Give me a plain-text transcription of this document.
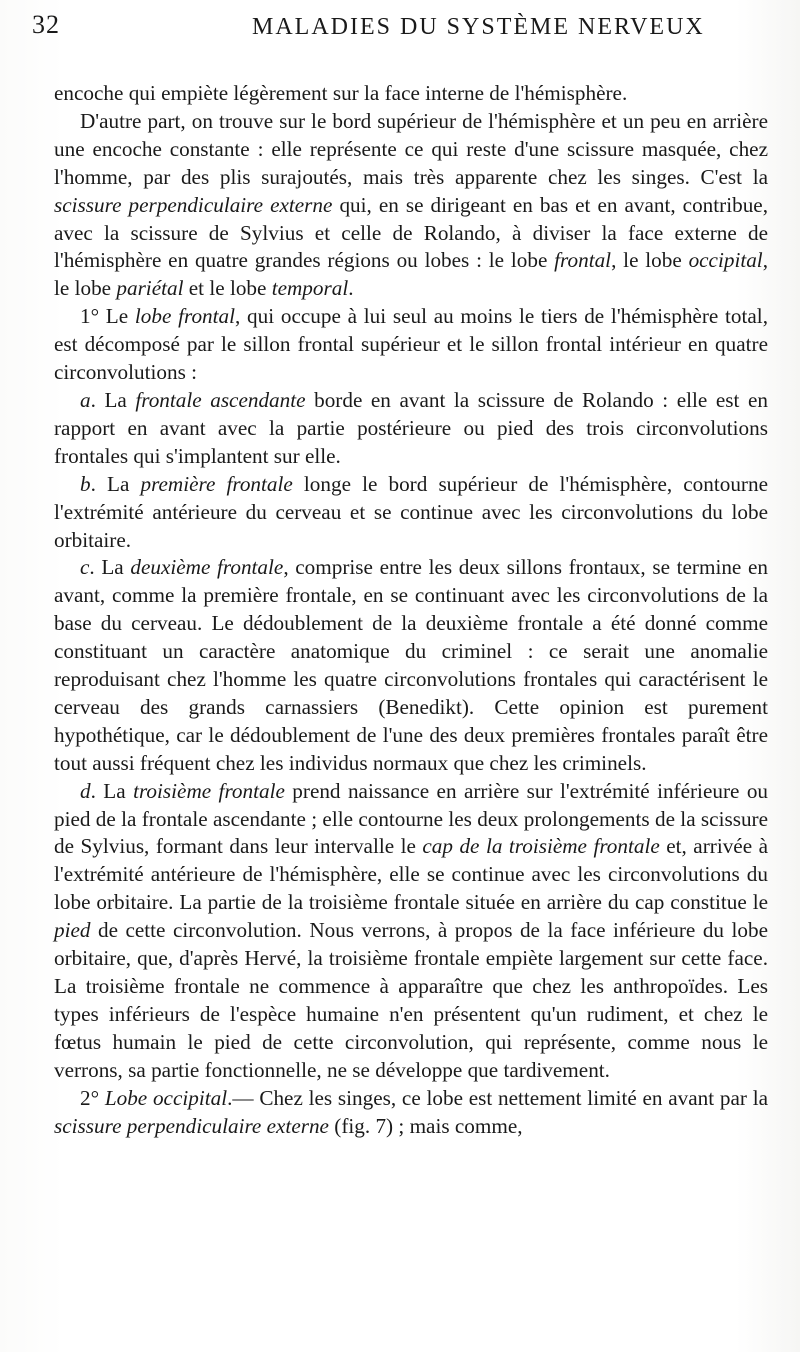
32	MALADIES DU SYSTÈME NERVEUX

encoche qui empiète légèrement sur la face interne de l'hémisphère.

D'autre part, on trouve sur le bord supérieur de l'hémisphère et un peu en arrière une encoche constante : elle représente ce qui reste d'une scissure masquée, chez l'homme, par des plis surajoutés, mais très apparente chez les singes. C'est la scissure perpendiculaire externe qui, en se dirigeant en bas et en avant, contribue, avec la scissure de Sylvius et celle de Rolando, à diviser la face externe de l'hémisphère en quatre grandes régions ou lobes : le lobe frontal, le lobe occipital, le lobe pariétal et le lobe temporal.

1° Le lobe frontal, qui occupe à lui seul au moins le tiers de l'hémisphère total, est décomposé par le sillon frontal supérieur et le sillon frontal intérieur en quatre circonvolutions :

a. La frontale ascendante borde en avant la scissure de Rolando : elle est en rapport en avant avec la partie postérieure ou pied des trois circonvolutions frontales qui s'implantent sur elle.

b. La première frontale longe le bord supérieur de l'hémisphère, contourne l'extrémité antérieure du cerveau et se continue avec les circonvolutions du lobe orbitaire.

c. La deuxième frontale, comprise entre les deux sillons frontaux, se termine en avant, comme la première frontale, en se continuant avec les circonvolutions de la base du cerveau. Le dédoublement de la deuxième frontale a été donné comme constituant un caractère anatomique du criminel : ce serait une anomalie reproduisant chez l'homme les quatre circonvolutions frontales qui caractérisent le cerveau des grands carnassiers (Benedikt). Cette opinion est purement hypothétique, car le dédoublement de l'une des deux premières frontales paraît être tout aussi fréquent chez les individus normaux que chez les criminels.

d. La troisième frontale prend naissance en arrière sur l'extrémité inférieure ou pied de la frontale ascendante ; elle contourne les deux prolongements de la scissure de Sylvius, formant dans leur intervalle le cap de la troisième frontale et, arrivée à l'extrémité antérieure de l'hémisphère, elle se continue avec les circonvolutions du lobe orbitaire. La partie de la troisième frontale située en arrière du cap constitue le pied de cette circonvolution. Nous verrons, à propos de la face inférieure du lobe orbitaire, que, d'après Hervé, la troisième frontale empiète largement sur cette face. La troisième frontale ne commence à apparaître que chez les anthropoïdes. Les types inférieurs de l'espèce humaine n'en présentent qu'un rudiment, et chez le fœtus humain le pied de cette circonvolution, qui représente, comme nous le verrons, sa partie fonctionnelle, ne se développe que tardivement.

2° Lobe occipital.— Chez les singes, ce lobe est nettement limité en avant par la scissure perpendiculaire externe (fig. 7) ; mais comme,
